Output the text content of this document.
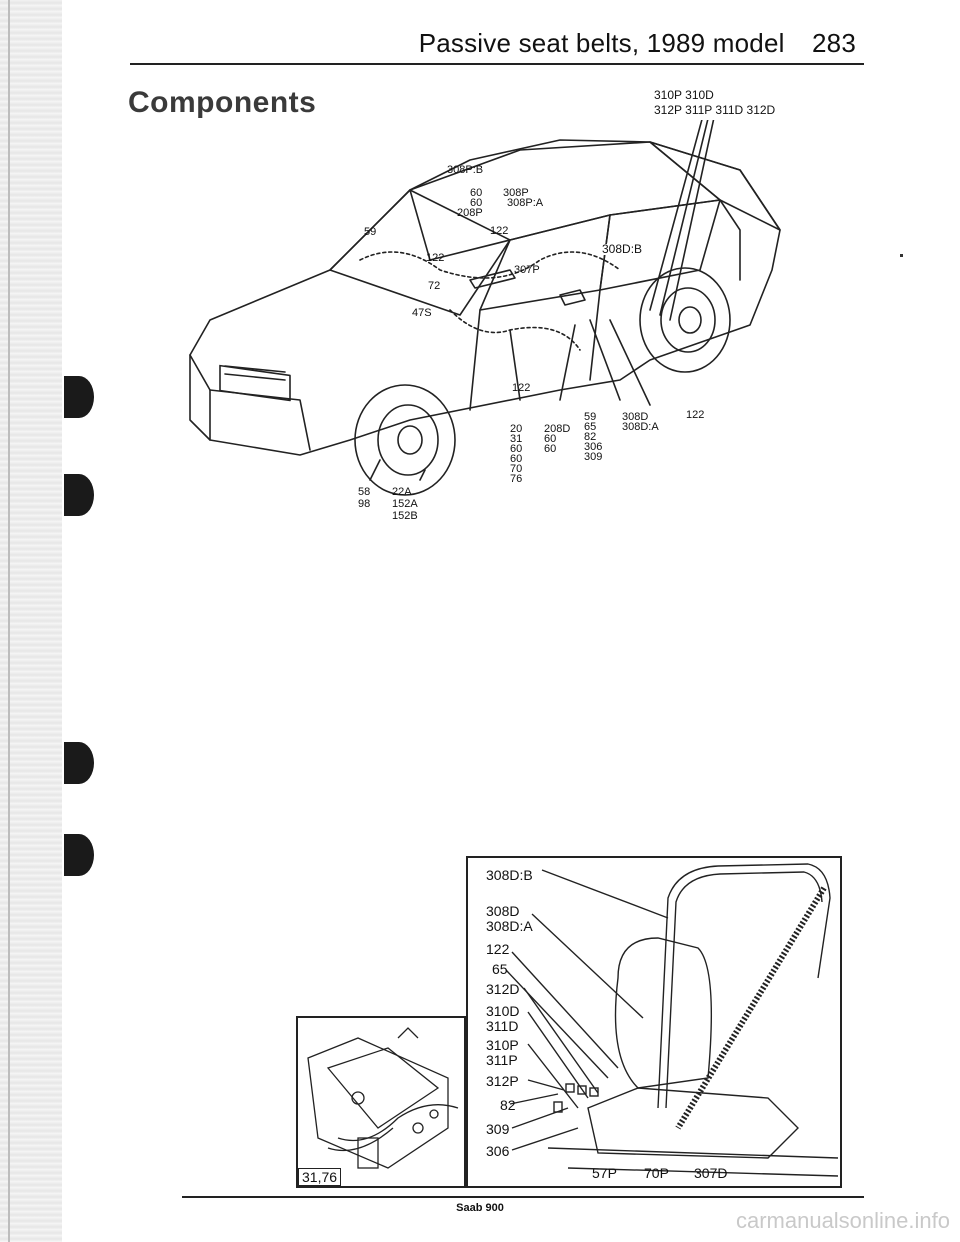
Passive seat belts, 1989 model 283
Components	310P 310D
312P 311P 311D 312D
308P:B
60 308P
60 308P:A
208P
122
59
122
307P
72
47S
308D:B
122
20
31
60
60
70
76
208D
60
60
59
65
82
306
309
308D
308D:A
122
58
98
22A
152A
152B
308D:B
308D
308D:A
122
65
312D
310D
311D
310P
311P
312P
82
309
306
57P 70P 307D
31,76
Saab 900	carmanualsonline.info
